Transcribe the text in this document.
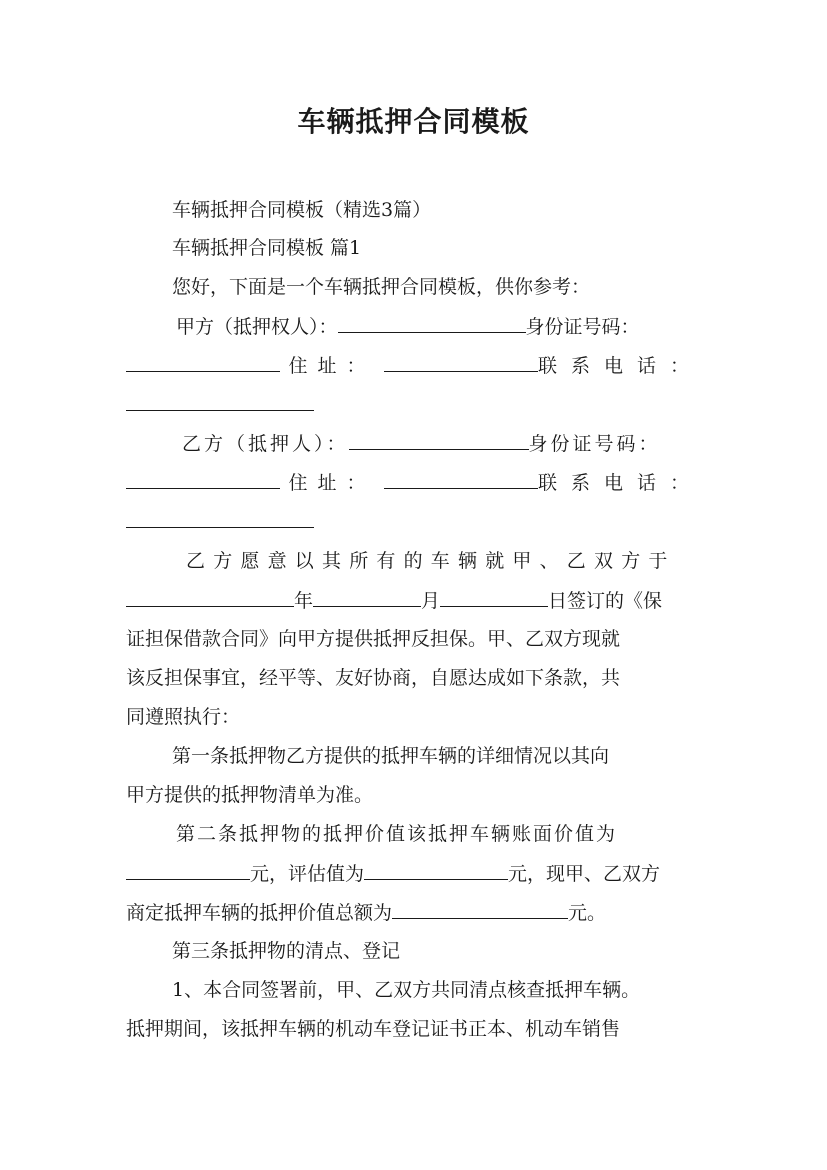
车辆抵押合同模板
车辆抵押合同模板（精选3篇）
车辆抵押合同模板 篇1
您好，下面是一个车辆抵押合同模板，供你参考：
甲方（抵押权人）：	身份证号码：
住址：	联系电话：
乙方（抵押人）：	身份证号码：
住址：	联系电话：
乙方愿意以其所有的车辆就甲、乙双方于
年	月	日签订的《保
证担保借款合同》向甲方提供抵押反担保。甲、乙双方现就
该反担保事宜，经平等、友好协商，自愿达成如下条款，共
同遵照执行：
第一条抵押物乙方提供的抵押车辆的详细情况以其向
甲方提供的抵押物清单为准。
第二条抵押物的抵押价值该抵押车辆账面价值为
元，评估值为	元，现甲、乙双方
商定抵押车辆的抵押价值总额为	元。
第三条抵押物的清点、登记
1、本合同签署前，甲、乙双方共同清点核查抵押车辆。
抵押期间，该抵押车辆的机动车登记证书正本、机动车销售
